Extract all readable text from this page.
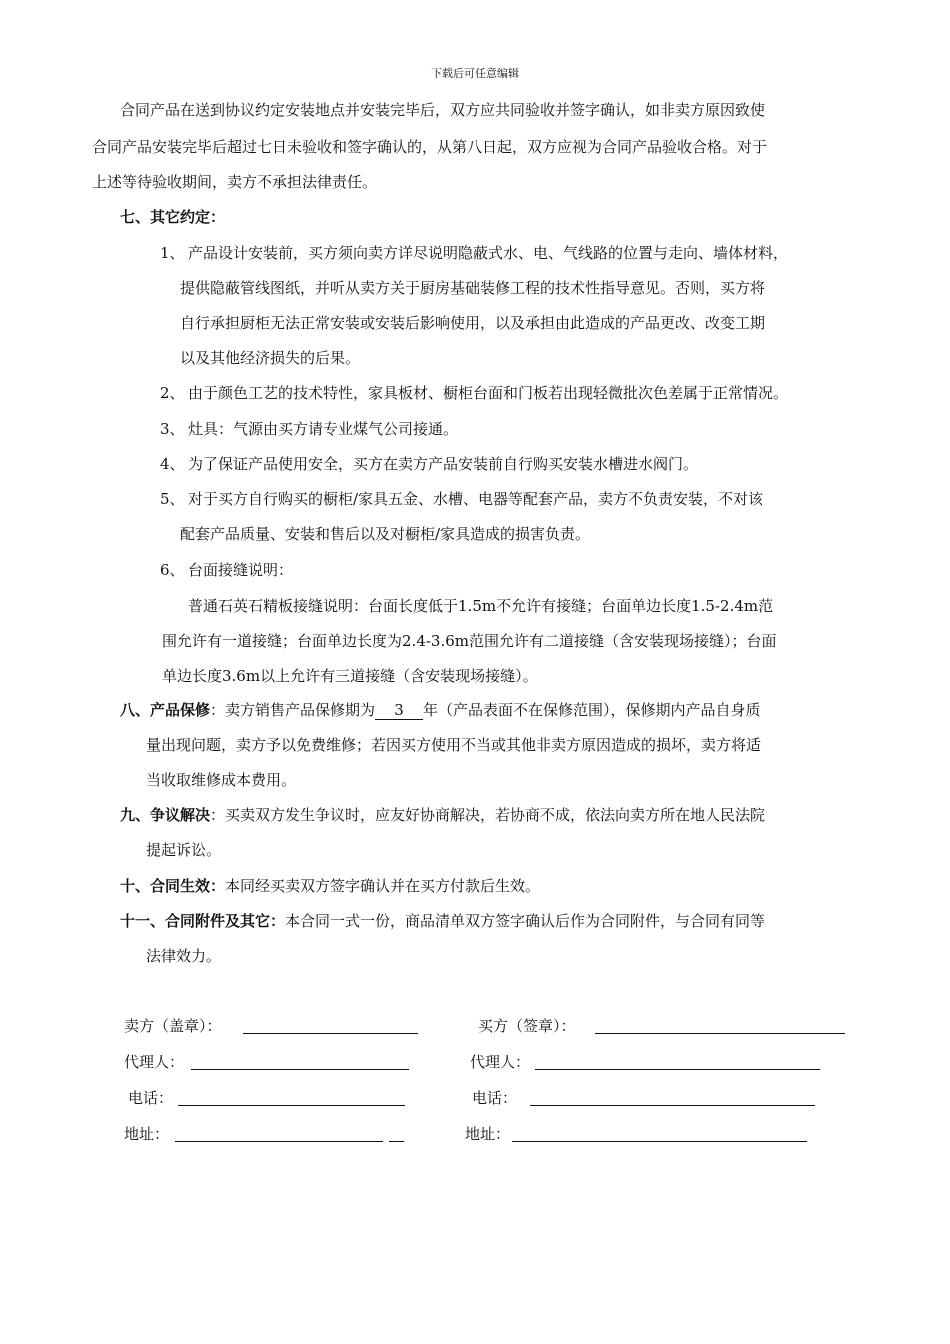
下载后可任意编辑
合同产品在送到协议约定安装地点并安装完毕后，双方应共同验收并签字确认，如非卖方原因致使
合同产品安装完毕后超过七日未验收和签字确认的，从第八日起，双方应视为合同产品验收合格。对于
上述等待验收期间，卖方不承担法律责任。
七、其它约定：
1、 产品设计安装前，买方须向卖方详尽说明隐蔽式水、电、气线路的位置与走向、墙体材料，
提供隐蔽管线图纸，并听从卖方关于厨房基础装修工程的技术性指导意见。否则，买方将
自行承担厨柜无法正常安装或安装后影响使用，以及承担由此造成的产品更改、改变工期
以及其他经济损失的后果。
2、 由于颜色工艺的技术特性，家具板材、橱柜台面和门板若出现轻微批次色差属于正常情况。
3、 灶具：气源由买方请专业煤气公司接通。
4、 为了保证产品使用安全，买方在卖方产品安装前自行购买安装水槽进水阀门。
5、 对于买方自行购买的橱柜/家具五金、水槽、电器等配套产品，卖方不负责安装，不对该
配套产品质量、安装和售后以及对橱柜/家具造成的损害负责。
6、 台面接缝说明：
普通石英石精板接缝说明：台面长度低于1.5m不允许有接缝；台面单边长度1.5-2.4m范
围允许有一道接缝；台面单边长度为2.4-3.6m范围允许有二道接缝（含安装现场接缝）；台面
单边长度3.6m以上允许有三道接缝（含安装现场接缝）。
八、产品保修：卖方销售产品保修期为 3 年（产品表面不在保修范围），保修期内产品自身质
量出现问题，卖方予以免费维修；若因买方使用不当或其他非卖方原因造成的损坏，卖方将适
当收取维修成本费用。
九、争议解决：买卖双方发生争议时，应友好协商解决，若协商不成，依法向卖方所在地人民法院
提起诉讼。
十、合同生效：本同经买卖双方签字确认并在买方付款后生效。
十一、合同附件及其它：本合同一式一份，商品清单双方签字确认后作为合同附件，与合同有同等
法律效力。
卖方（盖章）：	买方（签章）：
代理人：	代理人：
电话：	电话：
地址：	地址：
